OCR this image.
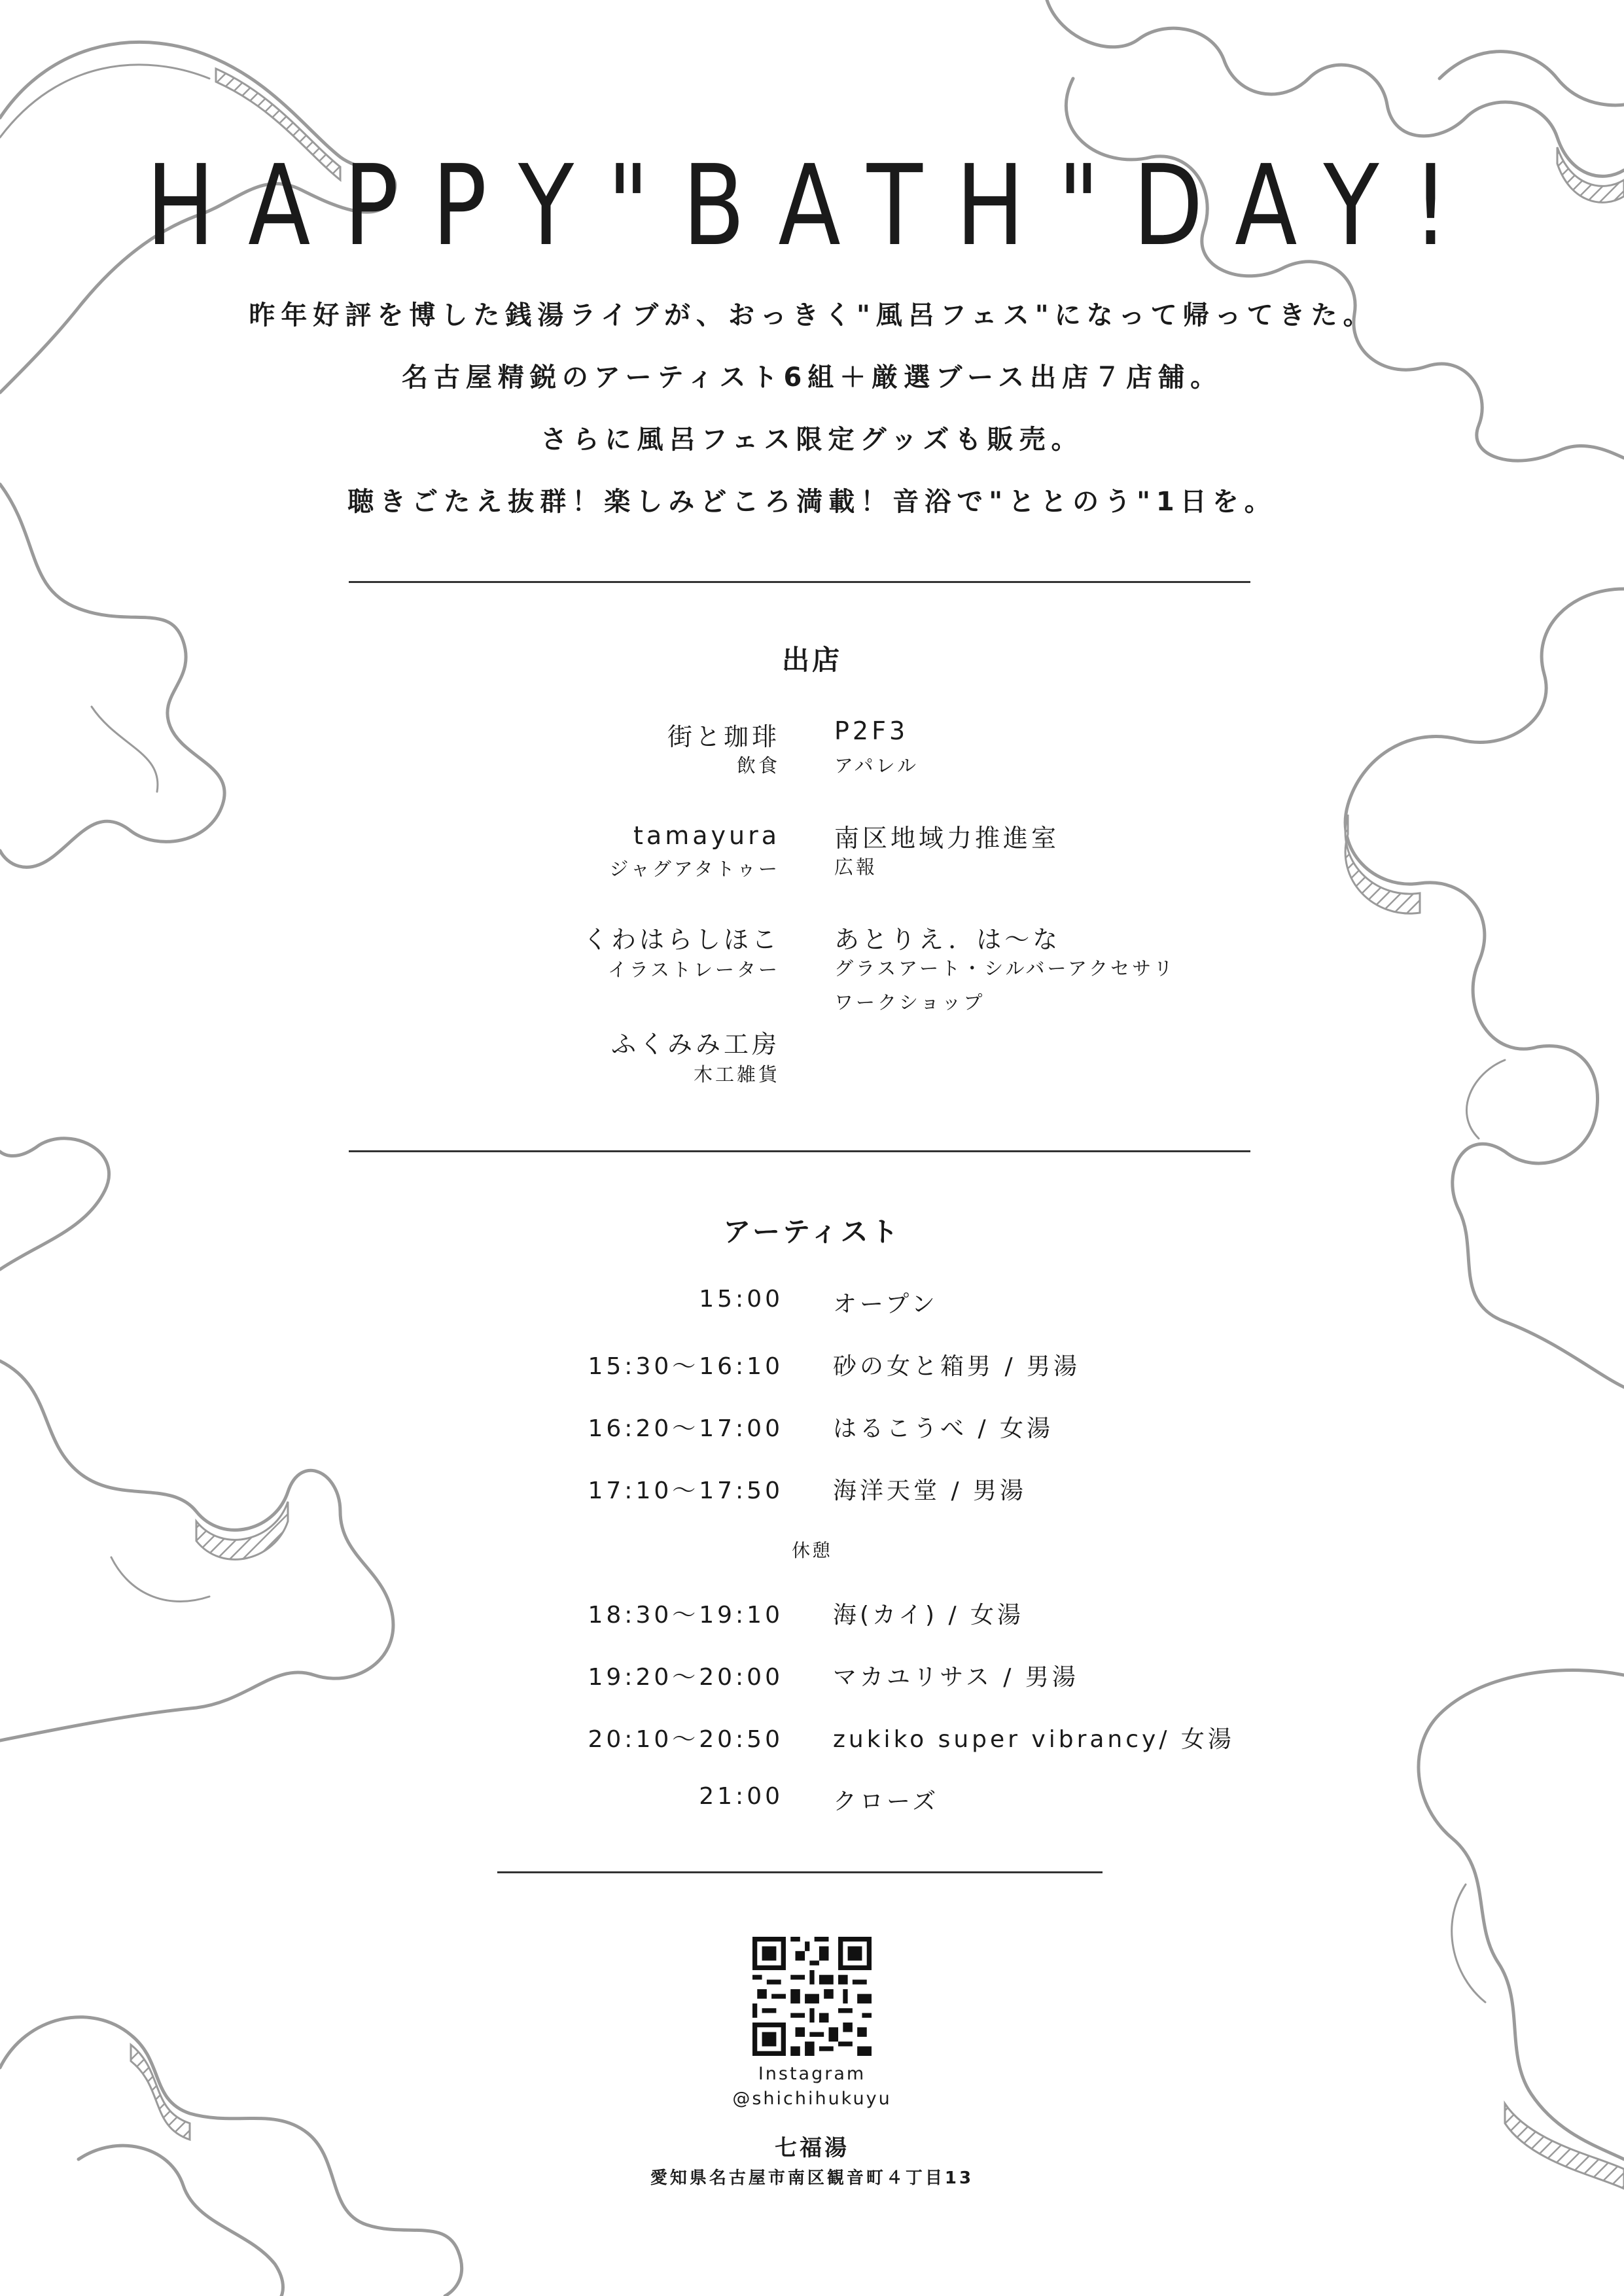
HAPPY"BATH"DAY!
昨年好評を博した銭湯ライブが、おっきく"風呂フェス"になって帰ってきた。
名古屋精鋭のアーティスト6組＋厳選ブース出店７店舗。
さらに風呂フェス限定グッズも販売。
聴きごたえ抜群！楽しみどころ満載！音浴で"ととのう"1日を。
出店
街と珈琲
飲食
P2F3
アパレル
tamayura
ジャグアタトゥー
南区地域力推進室
広報
くわはらしほこ
イラストレーター
あとりえ．は〜な
グラスアート・シルバーアクセサリ
ワークショップ
ふくみみ工房
木工雑貨
アーティスト
15:00 オープン
15:30〜16:10 砂の女と箱男 / 男湯
16:20〜17:00 はるこうべ / 女湯
17:10〜17:50 海洋天堂 / 男湯
休憩
18:30〜19:10 海(カイ) / 女湯
19:20〜20:00 マカユリサス / 男湯
20:10〜20:50 zukiko super vibrancy/ 女湯
21:00 クローズ
Instagram
@shichihukuyu
七福湯
愛知県名古屋市南区観音町４丁目13
